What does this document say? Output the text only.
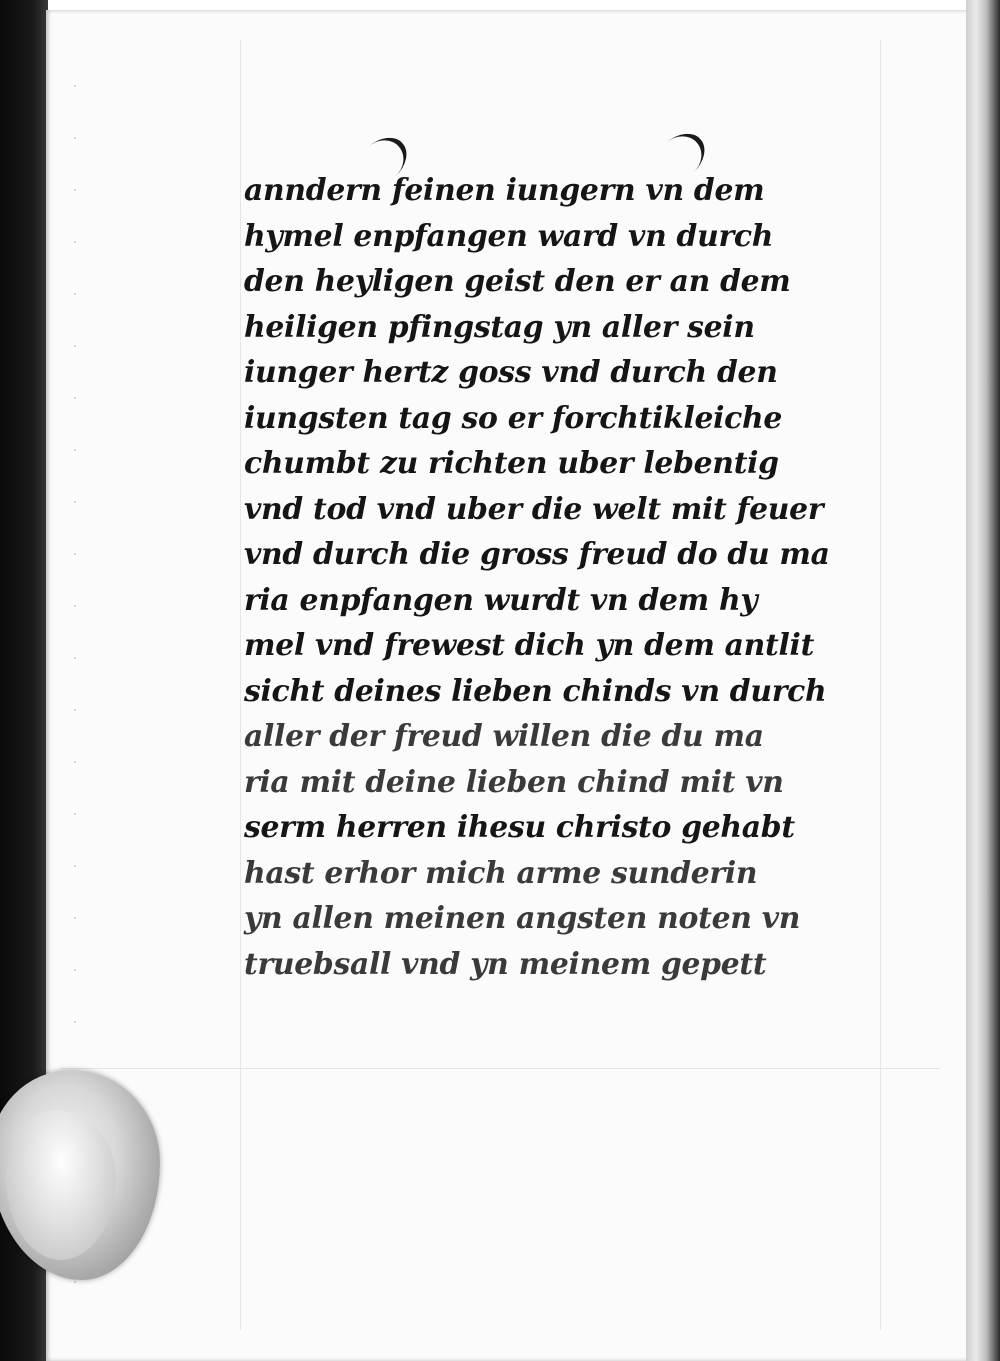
anndern feinen iungern vn dem
hymel enpfangen ward vn durch
den heyligen geist den er an dem
heiligen pfingstag yn aller sein
iunger hertz goss vnd durch den
iungsten tag so er forchtikleiche
chumbt zu richten uber lebentig
vnd tod vnd uber die welt mit feuer
vnd durch die gross freud do du ma
ria enpfangen wurdt vn dem hy
mel vnd frewest dich yn dem antlit
sicht deines lieben chinds vn durch
aller der freud willen die du ma
ria mit deine lieben chind mit vn
serm herren ihesu christo gehabt
hast erhor mich arme sunderin
yn allen meinen angsten noten vn
truebsall vnd yn meinem gepett
